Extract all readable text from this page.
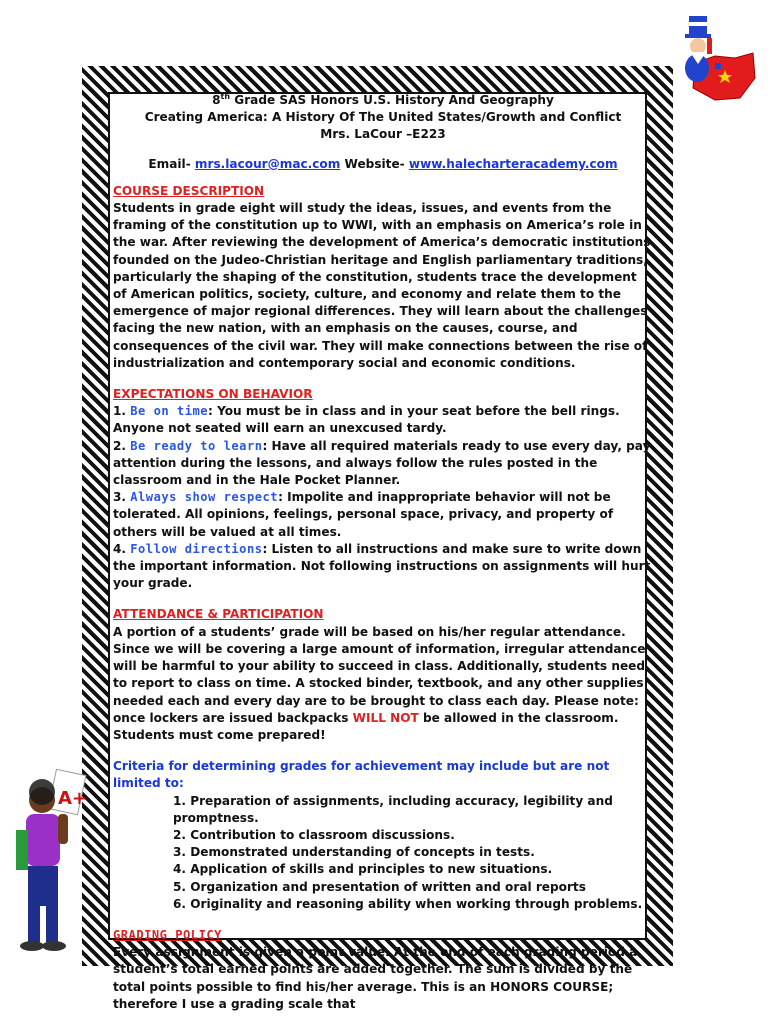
A+
8th Grade SAS Honors U.S. History And Geography
Creating America: A History Of The United States/Growth and Conflict
Mrs. LaCour –E223
Email- mrs.lacour@mac.com Website- www.halecharteracademy.com
COURSE DESCRIPTION

Students in grade eight will study the ideas, issues, and events from the framing of the constitution up to WWI, with an emphasis on America’s role in the war. After reviewing the development of America’s democratic institutions founded on the Judeo-Christian heritage and English parliamentary traditions, particularly the shaping of the constitution, students trace the development of American politics, society, culture, and economy and relate them to the emergence of major regional differences. They will learn about the challenges facing the new nation, with an emphasis on the causes, course, and consequences of the civil war. They will make connections between the rise of industrialization and contemporary social and economic conditions.

EXPECTATIONS ON BEHAVIOR

1. Be on time: You must be in class and in your seat before the bell rings. Anyone not seated will earn an unexcused tardy.

2. Be ready to learn: Have all required materials ready to use every day, pay attention during the lessons, and always follow the rules posted in the classroom and in the Hale Pocket Planner.

3. Always show respect: Impolite and inappropriate behavior will not be tolerated. All opinions, feelings, personal space, privacy, and property of others will be valued at all times.

4. Follow directions: Listen to all instructions and make sure to write down the important information. Not following instructions on assignments will hurt your grade.

ATTENDANCE & PARTICIPATION

A portion of a students’ grade will be based on his/her regular attendance. Since we will be covering a large amount of information, irregular attendance will be harmful to your ability to succeed in class. Additionally, students need to report to class on time. A stocked binder, textbook, and any other supplies needed each and every day are to be brought to class each day. Please note: once lockers are issued backpacks WILL NOT be allowed in the classroom. Students must come prepared!

Criteria for determining grades for achievement may include but are not limited to:
1. Preparation of assignments, including accuracy, legibility and promptness.
2. Contribution to classroom discussions.
3. Demonstrated understanding of concepts in tests.
4. Application of skills and principles to new situations.
5. Organization and presentation of written and oral reports
6. Originality and reasoning ability when working through problems.
GRADING POLICY

Every assignment is given a point value. At the end of each grading period a student’s total earned points are added together. The sum is divided by the total points possible to find his/her average. This is an HONORS COURSE; therefore I use a grading scale that
